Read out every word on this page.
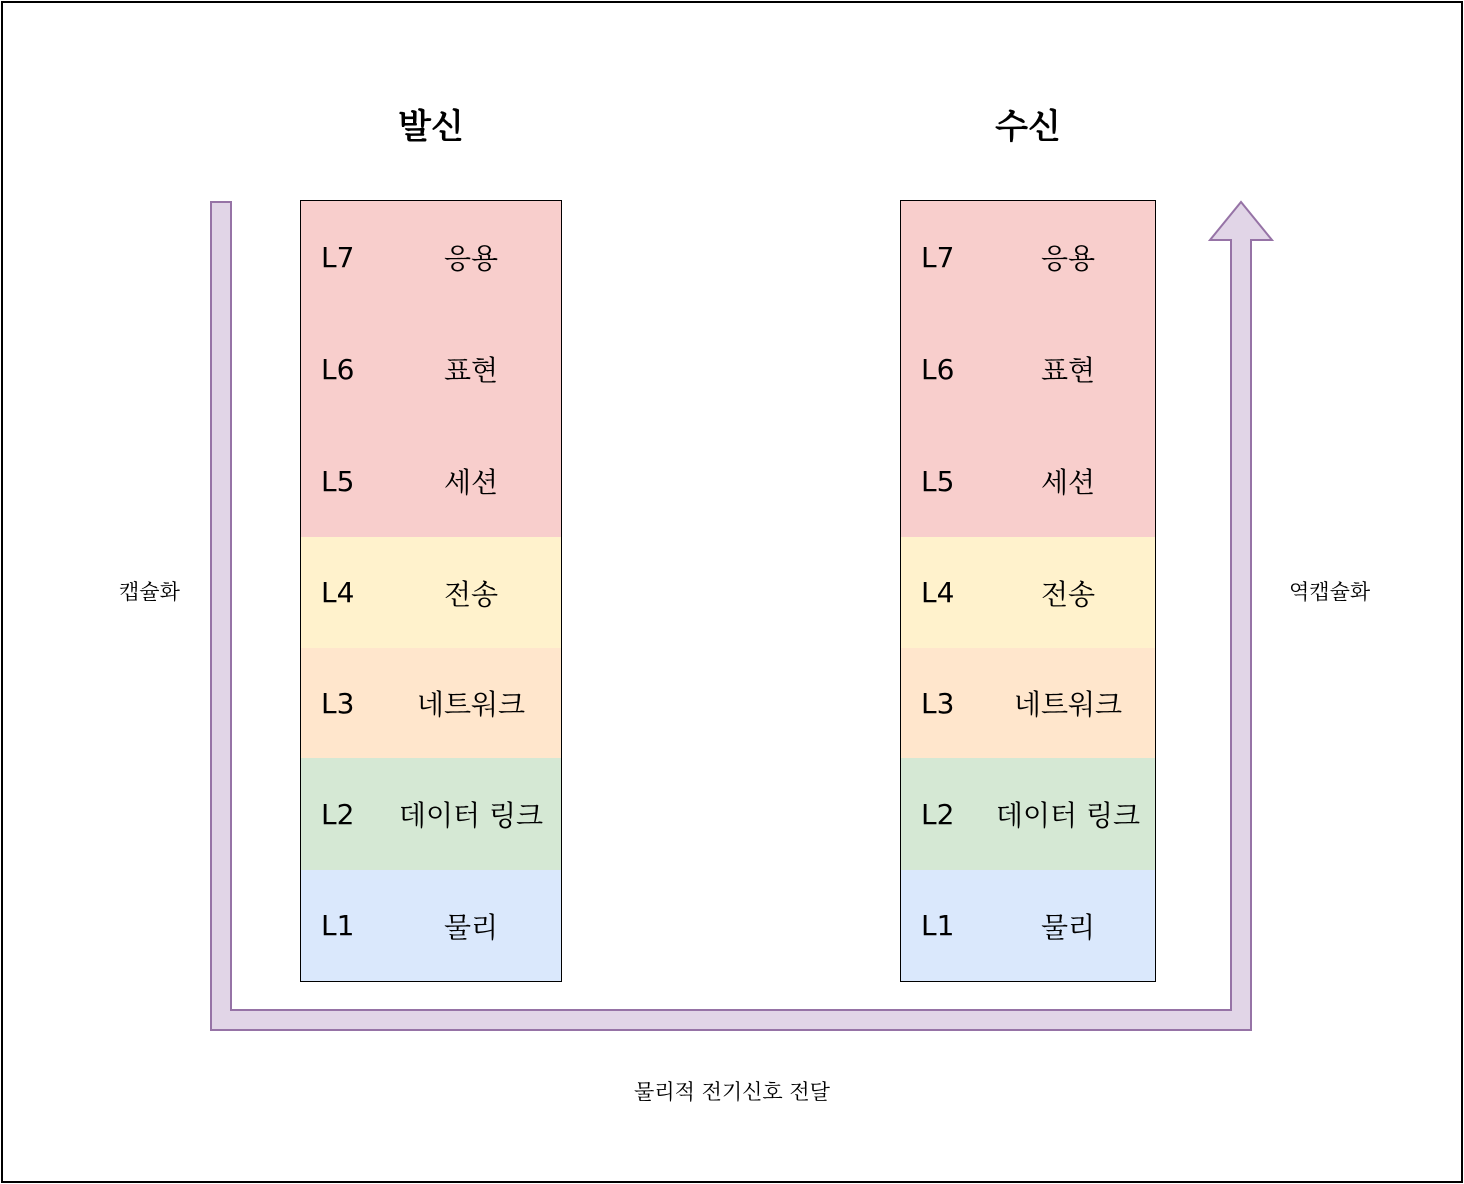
발신
L7	응용
L6	표현
L5	세션
L4	전송
L3	네트워크
L2	데이터 링크
L1	물리
수신
L7	응용
L6	표현
L5	세션
L4	전송
L3	네트워크
L2	데이터 링크
L1	물리
캡슐화	역캡슐화
물리적 전기신호 전달
